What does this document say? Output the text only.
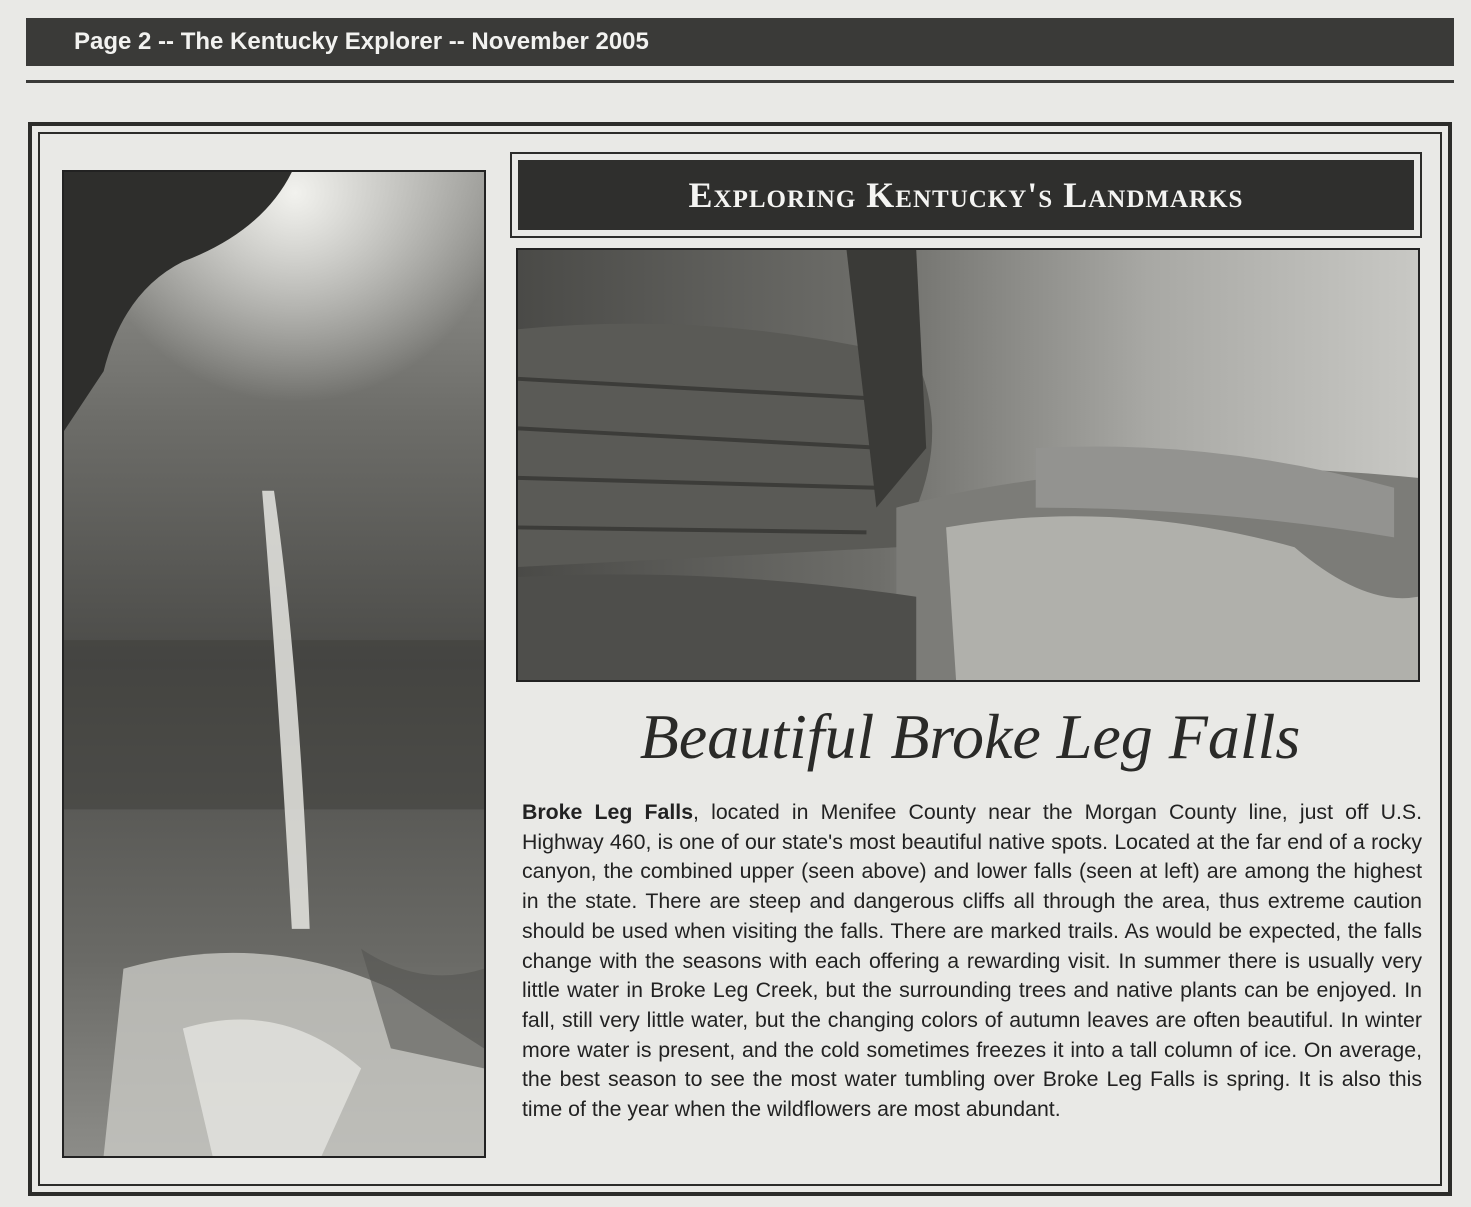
Page 2 -- The Kentucky Explorer -- November 2005
Exploring Kentucky's Landmarks
Beautiful Broke Leg Falls
Broke Leg Falls, located in Menifee County near the Morgan County line, just off U.S. Highway 460, is one of our state's most beautiful native spots. Located at the far end of a rocky canyon, the combined upper (seen above) and lower falls (seen at left) are among the highest in the state. There are steep and dangerous cliffs all through the area, thus extreme caution should be used when visiting the falls. There are marked trails. As would be expected, the falls change with the seasons with each offering a rewarding visit. In summer there is usually very little water in Broke Leg Creek, but the surrounding trees and native plants can be enjoyed. In fall, still very little water, but the changing colors of autumn leaves are often beautiful. In winter more water is present, and the cold sometimes freezes it into a tall column of ice. On average, the best season to see the most water tumbling over Broke Leg Falls is spring. It is also this time of the year when the wildflowers are most abundant.
